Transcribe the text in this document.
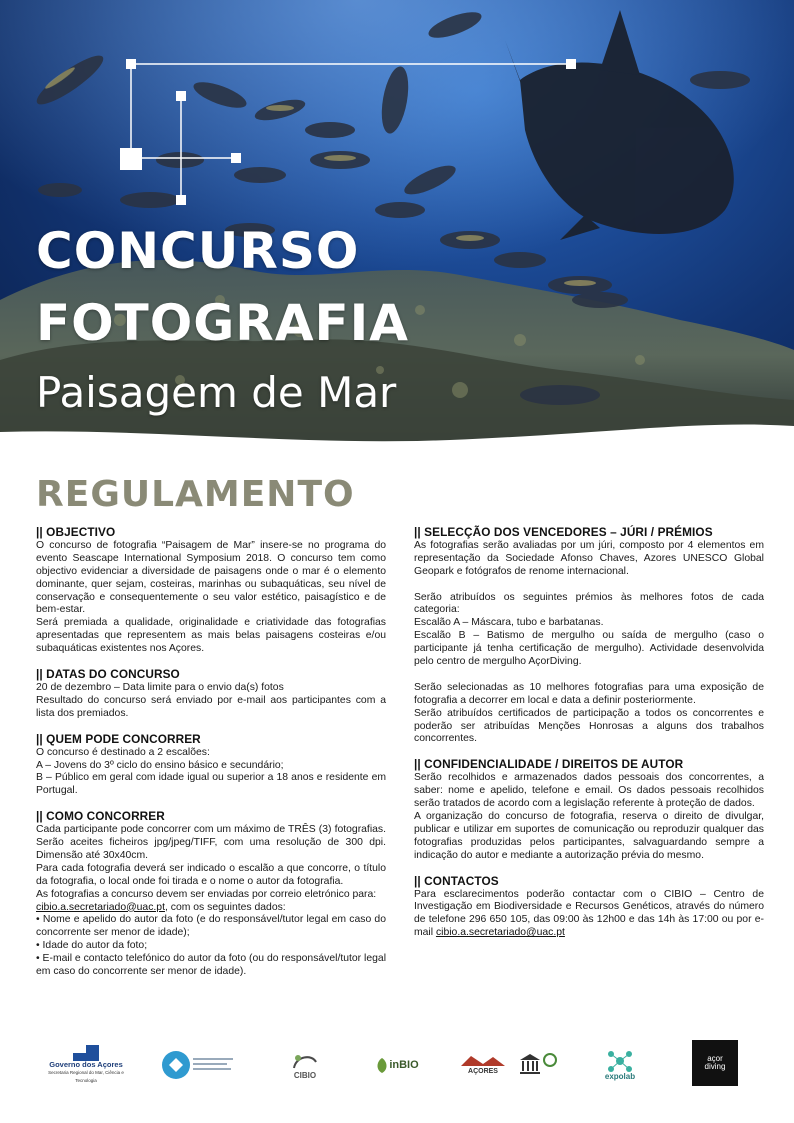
CONCURSO
FOTOGRAFIA
Paisagem de Mar
REGULAMENTO
|| OBJECTIVO

O concurso de fotografia “Paisagem de Mar” insere-se no programa do evento Seascape International Symposium 2018. O concurso tem como objectivo evidenciar a diversidade de paisagens onde o mar é o elemento dominante, quer sejam, costeiras, marinhas ou subaquáticas, seu nível de conservação e consequentemente o seu valor estético, paisagístico e de bem-estar.

Será premiada a qualidade, originalidade e criatividade das fotografias apresentadas que representem as mais belas paisagens costeiras e/ou subaquáticas existentes nos Açores.

|| DATAS DO CONCURSO

20 de dezembro – Data limite para o envio da(s) fotos

Resultado do concurso será enviado por e-mail aos participantes com a lista dos premiados.

|| QUEM PODE CONCORRER

O concurso é destinado a 2 escalões:

A – Jovens do 3º ciclo do ensino básico e secundário;

B – Público em geral com idade igual ou superior a 18 anos e residente em Portugal.

|| COMO CONCORRER

Cada participante pode concorrer com um máximo de TRÊS (3) fotografias. Serão aceites ficheiros jpg/jpeg/TIFF, com uma resolução de 300 dpi. Dimensão até 30x40cm.

Para cada fotografia deverá ser indicado o escalão a que concorre, o título da fotografia, o local onde foi tirada e o nome o autor da fotografia.

As fotografias a concurso devem ser enviadas por correio eletrónico para:

cibio.a.secretariado@uac.pt, com os seguintes dados:

• Nome e apelido do autor da foto (e do responsável/tutor legal em caso do concorrente ser menor de idade);

• Idade do autor da foto;

• E-mail e contacto telefónico do autor da foto (ou do responsável/tutor legal em caso do concorrente ser menor de idade).

|| SELECÇÃO DOS VENCEDORES – JÚRI / PRÉMIOS

As fotografias serão avaliadas por um júri, composto por 4 elementos em representação da Sociedade Afonso Chaves, Azores UNESCO Global Geopark e fotógrafos de renome internacional.

Serão atribuídos os seguintes prémios às melhores fotos de cada categoria:

Escalão A – Máscara, tubo e barbatanas.

Escalão B – Batismo de mergulho ou saída de mergulho (caso o participante já tenha certificação de mergulho). Actividade desenvolvida pelo centro de mergulho AçorDiving.

Serão selecionadas as 10 melhores fotografias para uma exposição de fotografia a decorrer em local e data a definir posteriormente.

Serão atribuídos certificados de participação a todos os concorrentes e poderão ser atribuídas Menções Honrosas a alguns dos trabalhos concorrentes.

|| CONFIDENCIALIDADE / DIREITOS DE AUTOR

Serão recolhidos e armazenados dados pessoais dos concorrentes, a saber: nome e apelido, telefone e email. Os dados pessoais recolhidos serão tratados de acordo com a legislação referente à proteção de dados.

A organização do concurso de fotografia, reserva o direito de divulgar, publicar e utilizar em suportes de comunicação ou reproduzir qualquer das fotografias produzidas pelos participantes, salvaguardando sempre a indicação do autor e mediante a autorização prévia do mesmo.

|| CONTACTOS

Para esclarecimentos poderão contactar com o CIBIO – Centro de Investigação em Biodiversidade e Recursos Genéticos, através do número de telefone 296 650 105, das 09:00 às 12h00 e das 14h às 17:00 ou por e-mail cibio.a.secretariado@uac.pt

Governo dos Açores
Secretaria Regional do Mar, Ciência e Tecnologia
CIBIO
inBIO
AÇORES
expolab
açor
diving
